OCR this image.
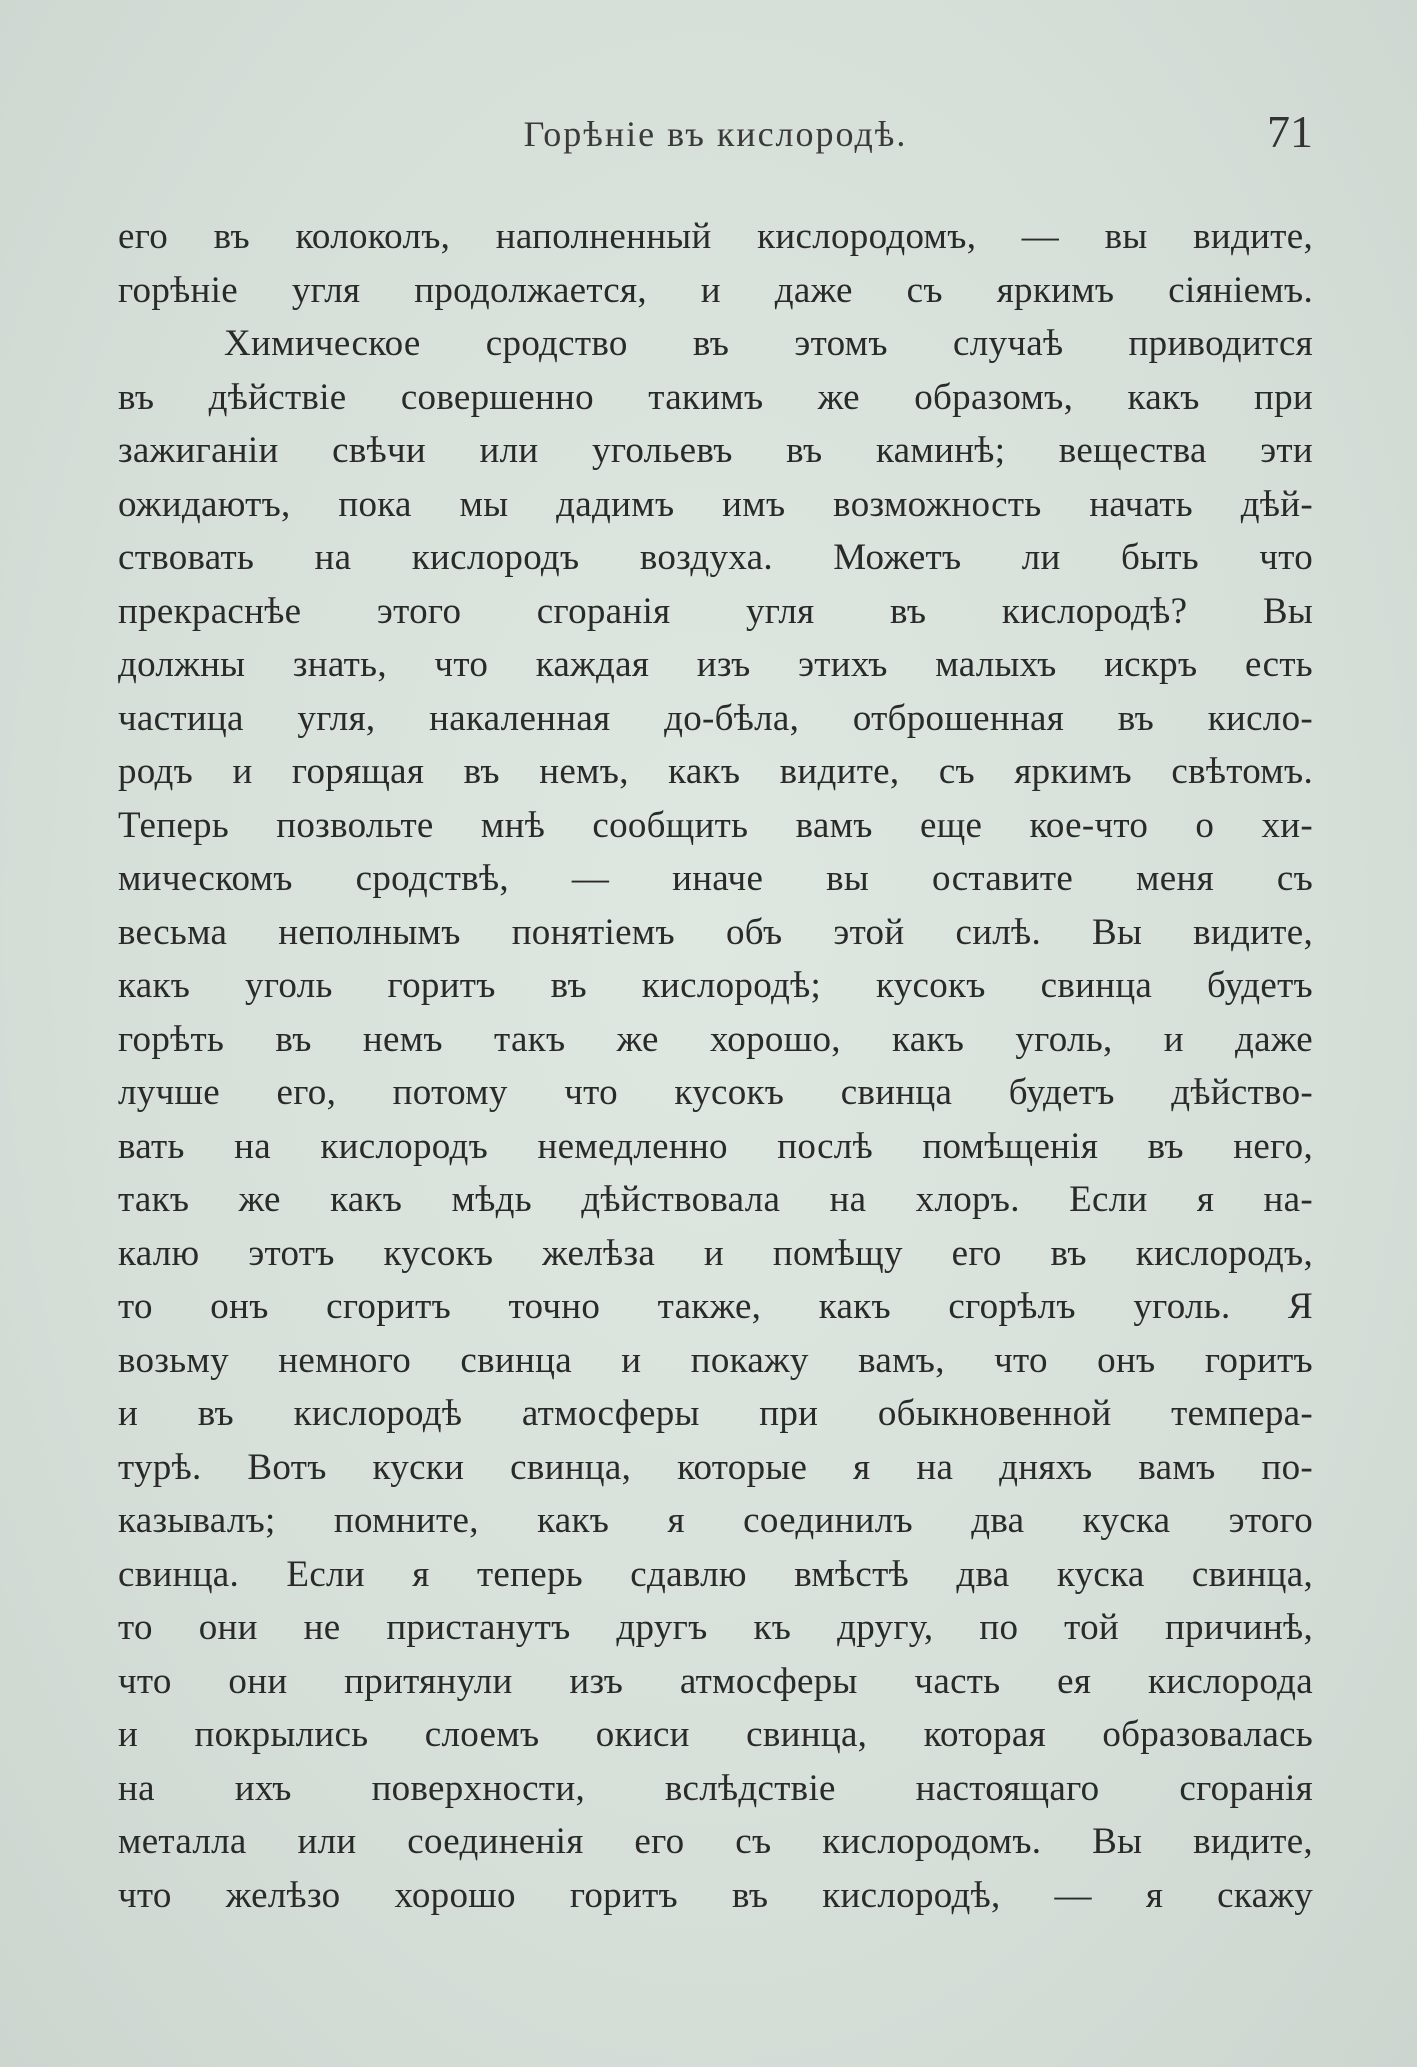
Горѣніе въ кислородѣ.	71
его въ колоколъ, наполненный кислородомъ, — вы видите,
горѣніе угля продолжается, и даже съ яркимъ сіяніемъ.
Химическое сродство въ этомъ случаѣ приводится
въ дѣйствіе совершенно такимъ же образомъ, какъ при
зажиганіи свѣчи или угольевъ въ каминѣ; вещества эти
ожидаютъ, пока мы дадимъ имъ возможность начать дѣй-
ствовать на кислородъ воздуха. Можетъ ли быть что
прекраснѣе этого сгоранія угля въ кислородѣ? Вы
должны знать, что каждая изъ этихъ малыхъ искръ есть
частица угля, накаленная до-бѣла, отброшенная въ кисло-
родъ и горящая въ немъ, какъ видите, съ яркимъ свѣтомъ.
Теперь позвольте мнѣ сообщить вамъ еще кое-что о хи-
мическомъ сродствѣ, — иначе вы оставите меня съ
весьма неполнымъ понятіемъ объ этой силѣ. Вы видите,
какъ уголь горитъ въ кислородѣ; кусокъ свинца будетъ
горѣть въ немъ такъ же хорошо, какъ уголь, и даже
лучше его, потому что кусокъ свинца будетъ дѣйство-
вать на кислородъ немедленно послѣ помѣщенія въ него,
такъ же какъ мѣдь дѣйствовала на хлоръ. Если я на-
калю этотъ кусокъ желѣза и помѣщу его въ кислородъ,
то онъ сгоритъ точно также, какъ сгорѣлъ уголь. Я
возьму немного свинца и покажу вамъ, что онъ горитъ
и въ кислородѣ атмосферы при обыкновенной темпера-
турѣ. Вотъ куски свинца, которые я на дняхъ вамъ по-
казывалъ; помните, какъ я соединилъ два куска этого
свинца. Если я теперь сдавлю вмѣстѣ два куска свинца,
то они не пристанутъ другъ къ другу, по той причинѣ,
что они притянули изъ атмосферы часть ея кислорода
и покрылись слоемъ окиси свинца, которая образовалась
на ихъ поверхности, вслѣдствіе настоящаго сгоранія
металла или соединенія его съ кислородомъ. Вы видите,
что желѣзо хорошо горитъ въ кислородѣ, — я скажу
